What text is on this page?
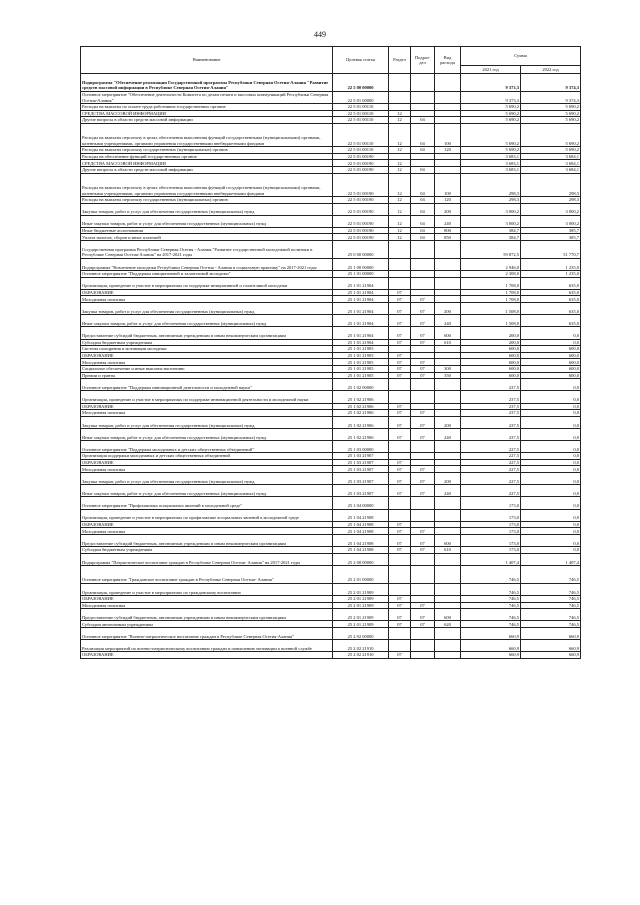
449
Наименование	Целевая статья	Раздел	Подраз-дел	Вид расхода	Сумма	
					2021 год	2022 год
Подпрограмма "Обеспечение реализации Государственной программы Республики Северная Осетия-Алания "Развитие средств массовой информации в Республике Северная Осетия-Алания"	22 5 00 00000				9 373,3	9 374,3
Основное мероприятие "Обеспечение деятельности Комитета по делам печати и массовых коммуникаций Республики Северная Осетия-Алания"	22 5 01 00000				9 373,3	9 374,3
Расходы на выплаты по оплате труда работников государственных органов	22 5 01 00110				5 690,2	5 690,2
СРЕДСТВА МАССОВОЙ ИНФОРМАЦИИ	22 5 01 00110	12			5 690,2	5 690,2
Другие вопросы в области средств массовой информации	22 5 01 00110	12	04		5 690,2	5 690,2
Расходы на выплаты персоналу в целях обеспечения выполнения функций государственными (муниципальными) органами, казенными учреждениями, органами управления государственными внебюджетными фондами	22 5 01 00110	12	04	100	5 690,2	5 690,2
Расходы на выплаты персоналу государственных (муниципальных) органов	22 5 01 00110	12	04	120	5 690,2	5 690,2
Расходы на обеспечение функций государственных органов	22 5 01 00190				3 683,1	3 684,1
СРЕДСТВА МАССОВОЙ ИНФОРМАЦИИ	22 5 01 00190	12			3 683,1	3 684,1
Другие вопросы в области средств массовой информации	22 5 01 00190	12	04		3 683,1	3 684,1
Расходы на выплаты персоналу в целях обеспечения выполнения функций государственными (муниципальными) органами, казенными учреждениями, органами управления государственными внебюджетными фондами	22 5 01 00190	12	04	100	298,3	298,3
Расходы на выплаты персоналу государственных (муниципальных) органов	22 5 01 00190	12	04	120	298,3	298,3
Закупка товаров, работ и услуг для обеспечения государственных (муниципальных) нужд	22 5 01 00190	12	04	200	3 000,2	3 000,2
Иные закупки товаров, работ и услуг для обеспечения государственных (муниципальных) нужд	22 5 01 00190	12	04	240	3 000,2	3 000,2
Иные бюджетные ассигнования	22 5 01 00190	12	04	800	384,7	385,7
Уплата налогов, сборов и иных платежей	22 5 01 00190	12	04	850	384,7	385,7
Государственная программа Республики Северная Осетия - Алания "Развитие государственной молодежной политики в Республике Северная Осетия-Алания" на 2017-2021 годы	25 0 00 00000				59 872,5	51 770,7
Подпрограмма "Вовлечение молодежи Республики Северная Осетия - Алания в социальную практику" на 2017-2021 годы	25 1 00 00000				2 946,0	1 235,0
Основное мероприятие "Поддержка инициативной и талантливой молодежи"	25 1 01 00000				2 308,0	1 235,0
Организация, проведение и участие в мероприятиях по поддержке инициативной и талантливой молодежи	25 1 01 21904				1 708,0	635,0
ОБРАЗОВАНИЕ	25 1 01 21904	07			1 708,0	635,0
Молодежная политика	25 1 01 21904	07	07		1 708,0	635,0
Закупка товаров, работ и услуг для обеспечения государственных (муниципальных) нужд	25 1 01 21904	07	07	200	1 508,0	635,0
Иные закупки товаров, работ и услуг для обеспечения государственных (муниципальных) нужд	25 1 01 21904	07	07	240	1 508,0	635,0
Предоставление субсидий бюджетным, автономным учреждениям и иным некоммерческим организациям	25 1 01 21904	07	07	600	200,0	0,0
Субсидии бюджетным учреждениям	25 1 01 21904	07	07	610	200,0	0,0
Система поощрения и мотивации молодежи	25 1 01 21905				600,0	600,0
ОБРАЗОВАНИЕ	25 1 01 21905	07			600,0	600,0
Молодежная политика	25 1 01 21905	07	07		600,0	600,0
Социальное обеспечение и иные выплаты населению	25 1 01 21905	07	07	300	600,0	600,0
Премии и гранты	25 1 01 21905	07	07	350	600,0	600,0
Основное мероприятие "Поддержка инновационной деятельности и молодежной науки"	25 1 02 00000				237,5	0,0
Организация, проведение и участие в мероприятиях по поддержке инновационной деятельности и молодежной науки	25 1 02 21906				237,5	0,0
ОБРАЗОВАНИЕ	25 1 02 21906	07			237,5	0,0
Молодежная политика	25 1 02 21906	07	07		237,5	0,0
Закупка товаров, работ и услуг для обеспечения государственных (муниципальных) нужд	25 1 02 21906	07	07	200	237,5	0,0
Иные закупки товаров, работ и услуг для обеспечения государственных (муниципальных) нужд	25 1 02 21906	07	07	240	237,5	0,0
Основное мероприятие "Поддержка молодежных и детских общественных объединений"	25 1 03 00000				227,5	0,0
Организация поддержки молодежных и детских общественных объединений	25 1 03 21907				227,5	0,0
ОБРАЗОВАНИЕ	25 1 03 21907	07			227,5	0,0
Молодежная политика	25 1 03 21907	07	07		227,5	0,0
Закупка товаров, работ и услуг для обеспечения государственных (муниципальных) нужд	25 1 03 21907	07	07	200	227,5	0,0
Иные закупки товаров, работ и услуг для обеспечения государственных (муниципальных) нужд	25 1 03 21907	07	07	240	227,5	0,0
Основное мероприятие "Профилактика асоциальных явлений в молодежной среде"	25 1 04 00000				173,0	0,0
Организация, проведение и участие в мероприятиях по профилактике асоциальных явлений в молодежной среде	25 1 04 21908				173,0	0,0
ОБРАЗОВАНИЕ	25 1 04 21908	07			173,0	0,0
Молодежная политика	25 1 04 21908	07	07		173,0	0,0
Предоставление субсидий бюджетным, автономным учреждениям и иным некоммерческим организациям	25 1 04 21908	07	07	600	173,0	0,0
Субсидии бюджетным учреждениям	25 1 04 21908	07	07	610	173,0	0,0
Подпрограмма "Патриотическое воспитание граждан в Республике Северная Осетия- Алания" на 2017-2021 годы	25 2 00 00000				1 407,4	1 407,4
Основное мероприятие "Гражданское воспитание граждан в Республике Северная Осетия- Алания"	25 2 01 00000				746,5	746,5
Организация, проведение и участие в мероприятиях по гражданскому воспитанию	25 2 01 21909				746,5	746,5
ОБРАЗОВАНИЕ	25 2 01 21909	07			746,5	746,5
Молодежная политика	25 2 01 21909	07	07		746,5	746,5
Предоставление субсидий бюджетным, автономным учреждениям и иным некоммерческим организациям	25 2 01 21909	07	07	600	746,5	746,5
Субсидии автономным учреждениям	25 2 01 21909	07	07	620	746,5	746,5
Основное мероприятие "Военно-патриотическое воспитание граждан в Республике Северная Осетия-Алания"	25 2 02 00000				660,9	660,9
Реализация мероприятий по военно-патриотическому воспитанию граждан и повышению мотивации к военной службе	25 2 02 21910				660,9	660,9
ОБРАЗОВАНИЕ	25 2 02 21910	07			660,9	660,9
